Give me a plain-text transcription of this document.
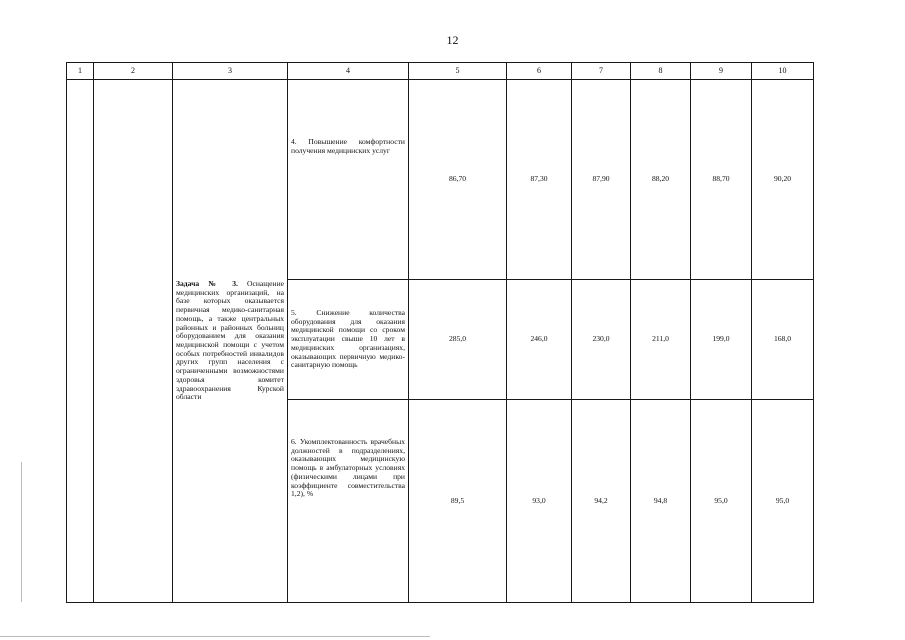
12
1	2	3	4	5	6	7	8	9	10
		Задача № 3. Оснащение медицинских организаций, на базе которых оказывается первичная медико-санитарная помощь, а также центральных районных и районных больниц оборудованием для оказания медицинской помощи с учетом особых потребностей инвалидов других групп населения с ограниченными возможностями здоровья комитет здравоохранения Курской области	4. Повышение комфортности получения медицинских услуг	86,70	87,30	87,90	88,20	88,70	90,20
			5. Снижение количества оборудования для оказания медицинской помощи со сроком эксплуатации свыше 10 лет в медицинских организациях, оказывающих первичную медико-санитарную помощь	285,0	246,0	230,0	211,0	199,0	168,0
			6. Укомплектованность врачебных должностей в подразделениях, оказывающих медицинскую помощь в амбулаторных условиях (физическими лицами при коэффициенте совместительства 1,2), %	89,5	93,0	94,2	94,8	95,0	95,0
